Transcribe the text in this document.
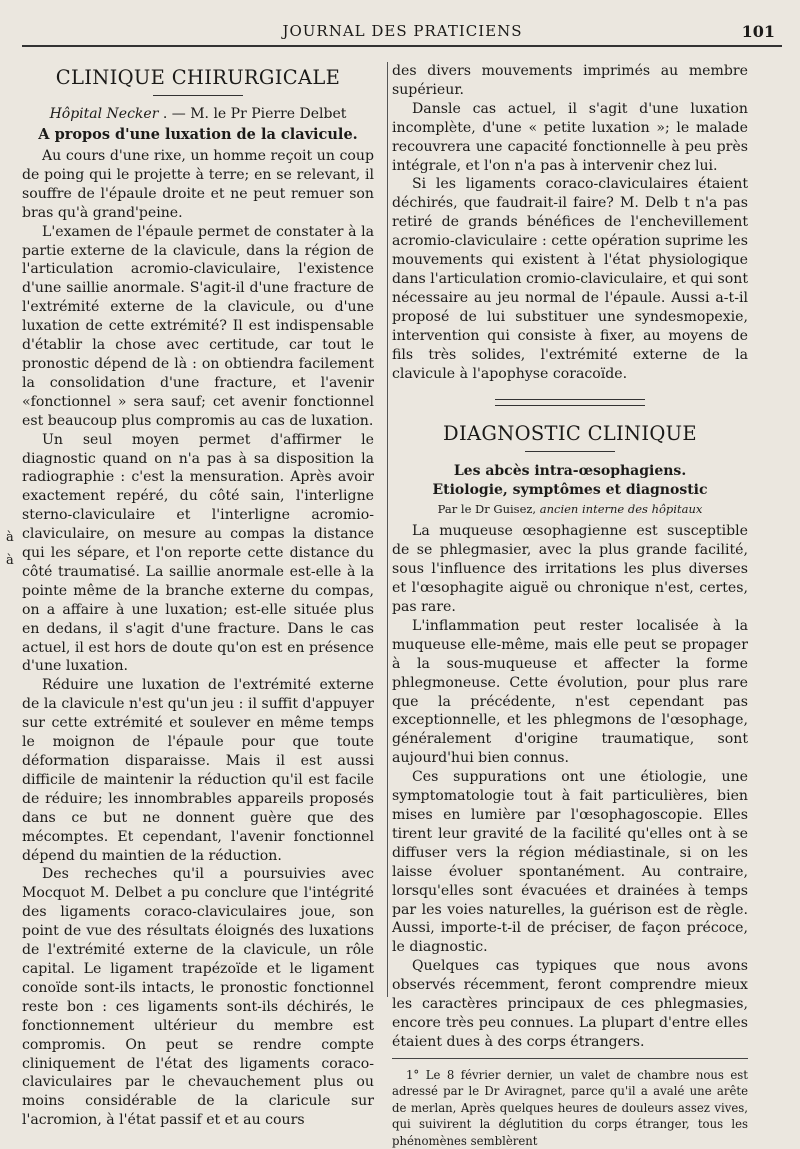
JOURNAL DES PRATICIENS	101
CLINIQUE CHIRURGICALE
Hôpital Necker . — M. le Pr Pierre Delbet
A propos d'une luxation de la clavicule.

Au cours d'une rixe, un homme reçoit un coup de poing qui le projette à terre; en se relevant, il souffre de l'épaule droite et ne peut remuer son bras qu'à grand'peine.

L'examen de l'épaule permet de constater à la partie externe de la clavicule, dans la région de l'articulation acromio-claviculaire, l'existence d'une saillie anormale. S'agit-il d'une fracture de l'extrémité externe de la clavicule, ou d'une luxation de cette extrémité? Il est indispensable d'établir la chose avec certitude, car tout le pronostic dépend de là : on obtiendra facilement la consolidation d'une fracture, et l'avenir «fonctionnel » sera sauf; cet avenir fonctionnel est beaucoup plus compromis au cas de luxation.

Un seul moyen permet d'affirmer le diagnostic quand on n'a pas à sa disposition la radiographie : c'est la mensuration. Après avoir exactement repéré, du côté sain, l'interligne sterno-claviculaire et l'interligne acromio-claviculaire, on mesure au compas la distance qui les sépare, et l'on reporte cette distance du côté traumatisé. La saillie anormale est-elle à la pointe même de la branche externe du compas, on a affaire à une luxation; est-elle située plus en dedans, il s'agit d'une fracture. Dans le cas actuel, il est hors de doute qu'on est en présence d'une luxation.

Réduire une luxation de l'extrémité externe de la clavicule n'est qu'un jeu : il suffit d'appuyer sur cette extrémité et soulever en même temps le moignon de l'épaule pour que toute déformation disparaisse. Mais il est aussi difficile de maintenir la réduction qu'il est facile de réduire; les innombrables appareils proposés dans ce but ne donnent guère que des mécomptes. Et cependant, l'avenir fonctionnel dépend du maintien de la réduction.

Des recheches qu'il a poursuivies avec Mocquot M. Delbet a pu conclure que l'intégrité des ligaments coraco-claviculaires joue, son point de vue des résultats éloignés des luxations de l'extrémité externe de la clavicule, un rôle capital. Le ligament trapézoïde et le ligament conoïde sont-ils intacts, le pronostic fonctionnel reste bon : ces ligaments sont-ils déchirés, le fonctionnement ultérieur du membre est compromis. On peut se rendre compte cliniquement de l'état des ligaments coraco-claviculaires par le chevauchement plus ou moins considérable de la claricule sur l'acromion, à l'état passif et et au cours

à
à

des divers mouvements imprimés au membre supérieur.

Dansle cas actuel, il s'agit d'une luxation incomplète, d'une « petite luxation »; le malade recouvrera une capacité fonctionnelle à peu près intégrale, et l'on n'a pas à intervenir chez lui.

Si les ligaments coraco-claviculaires étaient déchirés, que faudrait-il faire? M. Delb t n'a pas retiré de grands bénéfices de l'enchevillement acromio-claviculaire : cette opération suprime les mouvements qui existent à l'état physiologique dans l'articulation cromio-claviculaire, et qui sont nécessaire au jeu normal de l'épaule. Aussi a-t-il proposé de lui substituer une syndesmopexie, intervention qui consiste à fixer, au moyens de fils très solides, l'extrémité externe de la clavicule à l'apophyse coracoïde.

DIAGNOSTIC CLINIQUE
Les abcès intra-œsophagiens.
Etiologie, symptômes et diagnostic
Par le Dr Guisez, ancien interne des hôpitaux

La muqueuse œsophagienne est susceptible de se phlegmasier, avec la plus grande facilité, sous l'influence des irritations les plus diverses et l'œsophagite aiguë ou chronique n'est, certes, pas rare.

L'inflammation peut rester localisée à la muqueuse elle-même, mais elle peut se propager à la sous-muqueuse et affecter la forme phlegmoneuse. Cette évolution, pour plus rare que la précédente, n'est cependant pas exceptionnelle, et les phlegmons de l'œsophage, généralement d'origine traumatique, sont aujourd'hui bien connus.

Ces suppurations ont une étiologie, une symptomatologie tout à fait particulières, bien mises en lumière par l'œsophagoscopie. Elles tirent leur gravité de la facilité qu'elles ont à se diffuser vers la région médiastinale, si on les laisse évoluer spontanément. Au contraire, lorsqu'elles sont évacuées et drainées à temps par les voies naturelles, la guérison est de règle. Aussi, importe-t-il de préciser, de façon précoce, le diagnostic.

Quelques cas typiques que nous avons observés récemment, feront comprendre mieux les caractères principaux de ces phlegmasies, encore très peu connues. La plupart d'entre elles étaient dues à des corps étrangers.

1° Le 8 février dernier, un valet de chambre nous est adressé par le Dr Aviragnet, parce qu'il a avalé une arête de merlan, Après quelques heures de douleurs assez vives, qui suivirent la déglutition du corps étranger, tous les phénomènes semblèrent
